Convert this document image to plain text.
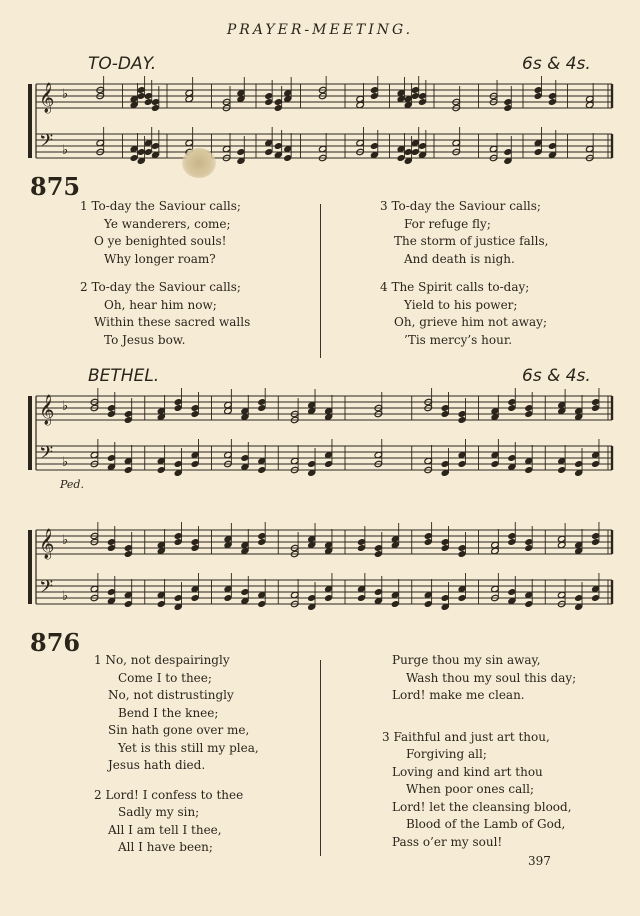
PRAYER-MEETING.
TO-DAY.	6s & 4s.
𝄞
𝄢
♭
♭
875
1 To-day the Saviour calls;
Ye wanderers, come;
O ye benighted souls!
Why longer roam?
2 To-day the Saviour calls;
Oh, hear him now;
Within these sacred walls
To Jesus bow.
3 To-day the Saviour calls;
For refuge fly;
The storm of justice falls,
And death is nigh.
4 The Spirit calls to-day;
Yield to his power;
Oh, grieve him not away;
’Tis mercy’s hour.
BETHEL.	6s & 4s.
𝄞
𝄢
♭
♭
Ped.
𝄞
𝄢
♭
♭
876
1 No, not despairingly
Come I to thee;
No, not distrustingly
Bend I the knee;
Sin hath gone over me,
Yet is this still my plea,
Jesus hath died.
2 Lord! I confess to thee
Sadly my sin;
All I am tell I thee,
All I have been;
Purge thou my sin away,
Wash thou my soul this day;
Lord! make me clean.
3 Faithful and just art thou,
Forgiving all;
Loving and kind art thou
When poor ones call;
Lord! let the cleansing blood,
Blood of the Lamb of God,
Pass o’er my soul!
397
